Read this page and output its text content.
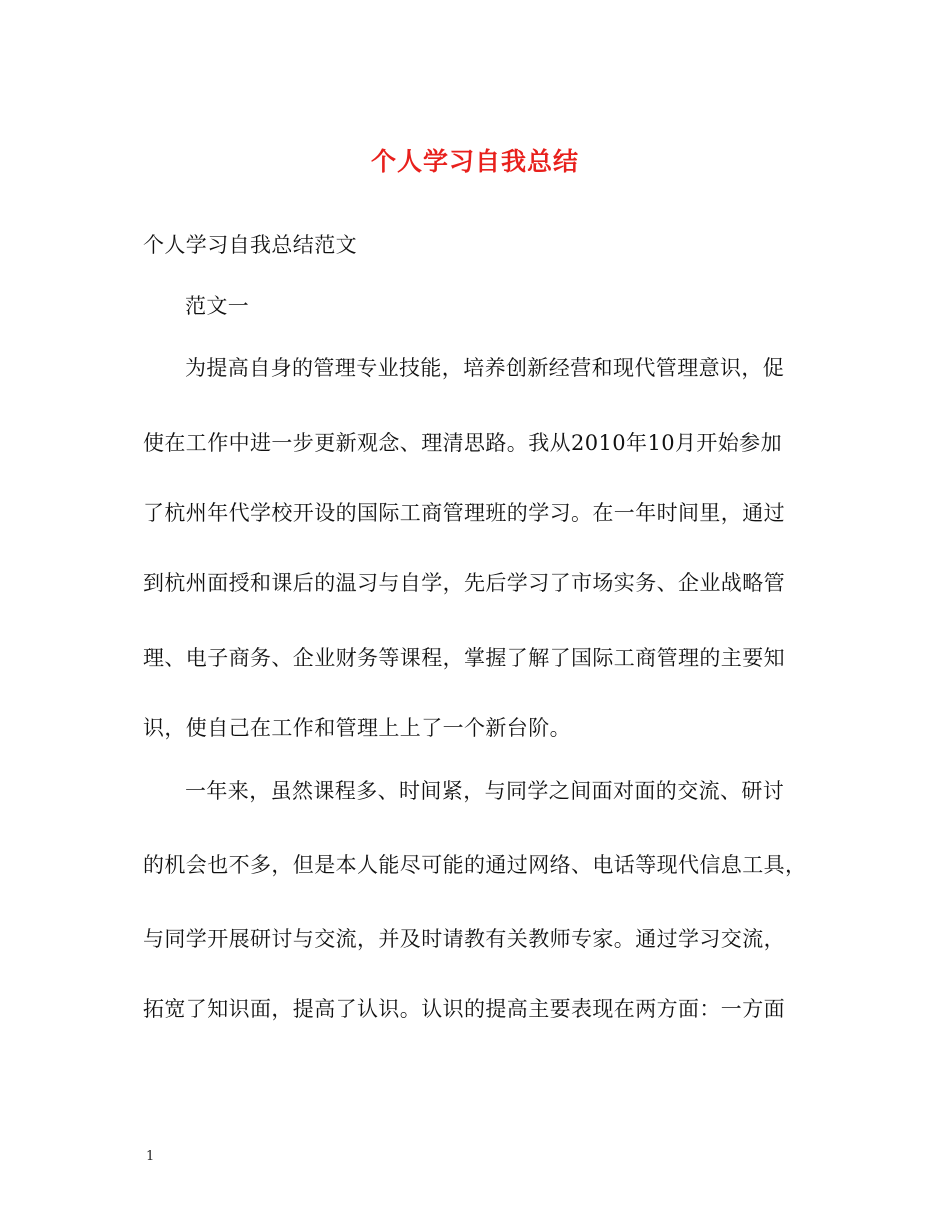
个人学习自我总结
个人学习自我总结范文
范文一
为提高自身的管理专业技能，培养创新经营和现代管理意识，促
使在工作中进一步更新观念、理清思路。我从2010年10月开始参加
了杭州年代学校开设的国际工商管理班的学习。在一年时间里，通过
到杭州面授和课后的温习与自学，先后学习了市场实务、企业战略管
理、电子商务、企业财务等课程，掌握了解了国际工商管理的主要知
识，使自己在工作和管理上上了一个新台阶。
一年来，虽然课程多、时间紧，与同学之间面对面的交流、研讨
的机会也不多，但是本人能尽可能的通过网络、电话等现代信息工具，
与同学开展研讨与交流，并及时请教有关教师专家。通过学习交流，
拓宽了知识面，提高了认识。认识的提高主要表现在两方面：一方面
1
